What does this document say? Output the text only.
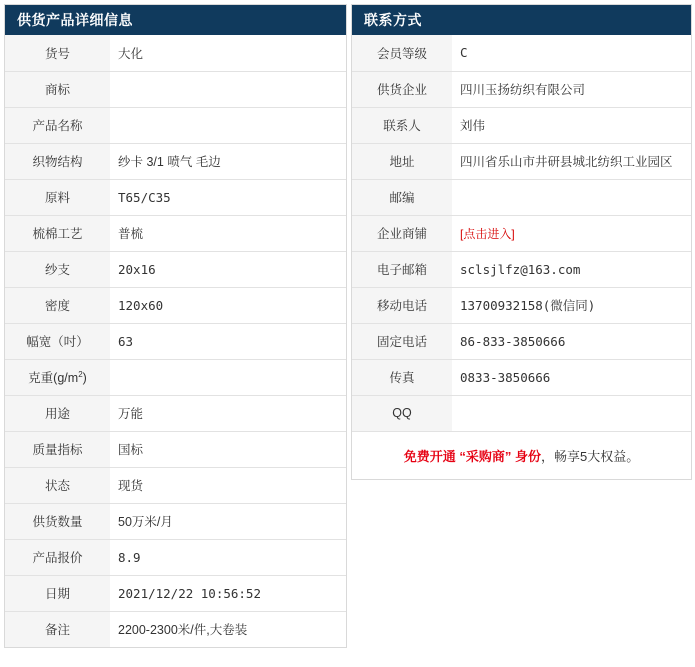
供货产品详细信息
货号	大化
商标	
产品名称	
织物结构	纱卡 3/1 喷气 毛边
原料	T65/C35
梳棉工艺	普梳
纱支	20x16
密度	120x60
幅宽（吋）	63
克重$(g/m^2)$	
用途	万能
质量指标	国标
状态	现货
供货数量	50万米/月
产品报价	8.9
日期	2021/12/22 10:56:52
备注	2200-2300米/件,大卷装
联系方式
会员等级	C
供货企业	四川玉扬纺织有限公司
联系人	刘伟
地址	四川省乐山市井研县城北纺织工业园区
邮编	
企业商铺	[点击进入]
电子邮箱	sclsjlfz@163.com
移动电话	13700932158(微信同)
固定电话	86-833-3850666
传真	0833-3850666
QQ	
免费开通 “采购商” 身份，畅享5大权益。
